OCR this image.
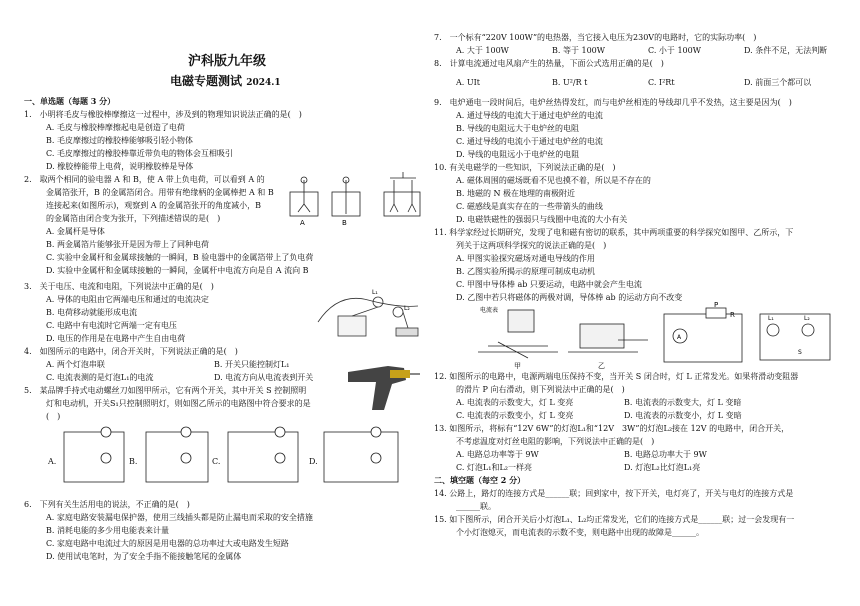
沪科版九年级
电磁专题测试 2024.1
一、单选题（每题 3 分）
1.　小明将毛皮与橡胶棒摩擦这一过程中，涉及到的物理知识说法正确的是(　)
A. 毛皮与橡胶棒摩擦起电是创造了电荷
B. 毛皮摩擦过的橡胶棒能够吸引轻小物体
C. 毛皮摩擦过的橡胶棒靠近带负电的物体会互相吸引
D. 橡胶棒能带上电荷，说明橡胶棒是导体
2.　取两个相同的验电器 A 和 B，使 A 带上负电荷，可以看到 A 的
金属箔张开，B 的金属箔闭合。用带有绝缘柄的金属棒把 A 和 B
连接起来(如图所示)，观察到 A 的金属箔张开的角度减小，B
的金属箔由闭合变为张开，下列描述错误的是(　)
A. 金属杆是导体
B. 两金属箔片能够张开是因为带上了同种电荷
C. 实验中金属杆和金属球接触的一瞬间，B 验电器中的金属箔带上了负电荷
D. 实验中金属杆和金属球接触的一瞬间，金属杆中电流方向是自 A 流向 B
A	B
3.　关于电压、电流和电阻，下列说法中正确的是(　)
A. 导体的电阻由它两端电压和通过的电流决定
B. 电荷移动就能形成电流
C. 电路中有电流时它两端一定有电压
D. 电压的作用是在电路中产生自由电荷
L₁
L₂
4.　如图所示的电路中，闭合开关时，下列说法正确的是(　)
A. 两个灯泡串联	B. 开关只能控制灯L₁
C. 电流表测的是灯泡L₁的电流	D. 电流方向从电流表到开关
5.　某品牌手持式电动螺丝刀如图甲所示，它有两个开关，其中开关 S 控制照明
灯和电动机，开关S₁只控制照明灯，则如图乙所示的电路图中符合要求的是
(　)
A.	B.	C.	D.
6.　下列有关生活用电的说法，不正确的是(　)
A. 家庭电路安装漏电保护器，使用三线插头都是防止漏电而采取的安全措施
B. 消耗电能的多少用电能表来计量
C. 家庭电路中电流过大的原因是用电器的总功率过大或电路发生短路
D. 使用试电笔时，为了安全手指不能接触笔尾的金属体
7.　一个标有“220V 100W”的电热器，当它接入电压为230V的电路时，它的实际功率(　)
A. 大于 100W	B. 等于 100W	C. 小于 100W	D. 条件不足，无法判断
8.　计算电流通过电风扇产生的热量，下面公式选用正确的是(　)
A. UIt	B. U²/R t	C. I²Rt	D. 前面三个都可以
9.　电炉通电一段时间后，电炉丝热得发红，而与电炉丝相连的导线却几乎不发热，这主要是因为(　)
A. 通过导线的电流大于通过电炉丝的电流
B. 导线的电阻远大于电炉丝的电阻
C. 通过导线的电流小于通过电炉丝的电流
D. 导线的电阻远小于电炉丝的电阻
10. 有关电磁学的一些知识，下列说法正确的是(　)
A. 磁体周围的磁场既看不见也摸不着，所以是不存在的
B. 地磁的 N 极在地理的南极附近
C. 磁感线是真实存在的一些带箭头的曲线
D. 电磁铁磁性的强弱只与线圈中电流的大小有关
11. 科学家经过长期研究，发现了电和磁有密切的联系，其中两项重要的科学探究如图甲、乙所示，下
列关于这两项科学探究的说法正确的是(　)
A. 甲图实验探究磁场对通电导线的作用
B. 乙图实验所揭示的原理可制成电动机
C. 甲图中导体棒 ab 只要运动，电路中就会产生电流
D. 乙图中若只将磁体的两极对调，导体棒 ab 的运动方向不改变
电流表
甲	乙
P
R	L₁	L₂
A
S
12. 如图所示的电路中，电源两端电压保持不变，当开关 S 闭合时，灯 L 正常发光。如果将滑动变阻器
的滑片 P 向右滑动，则下列说法中正确的是(　)
A. 电流表的示数变大，灯 L 变亮	B. 电流表的示数变大，灯 L 变暗
C. 电流表的示数变小，灯 L 变亮	D. 电流表的示数变小，灯 L 变暗
13. 如图所示，将标有“12V 6W”的灯泡L₁和“12V　3W”的灯泡L₂接在 12V 的电路中，闭合开关，
不考虑温度对灯丝电阻的影响，下列说法中正确的是(　)
A. 电路总功率等于 9W	B. 电路总功率大于 9W
C. 灯泡L₁和L₂一样亮	D. 灯泡L₂比灯泡L₁亮
二、填空题（每空 2 分）
14. 公路上，路灯的连接方式是______联；回到家中，按下开关，电灯亮了，开关与电灯的连接方式是
______联。
15. 如下图所示，闭合开关后小灯泡L₁、L₂均正常发光，它们的连接方式是______联；过一会发现有一
个小灯泡熄灭，而电流表的示数不变，则电路中出现的故障是______。
